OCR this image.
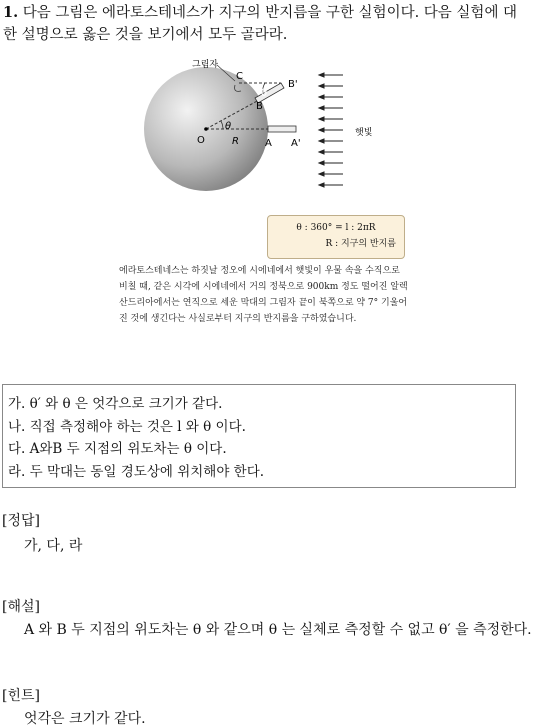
1. 다음 그림은 에라토스테네스가 지구의 반지름을 구한 실험이다. 다음 실험에 대한 설명으로 옳은 것을 보기에서 모두 골라라.
그림자
C
B'
θ
B
O
θ
R	A A'
햇빛
θ : 360° = l : 2πR
R : 지구의 반지름
에라토스테네스는 하짓날 정오에 시에네에서 햇빛이 우물 속을 수직으로 비칠 때, 같은 시각에 시에네에서 거의 정북으로 900km 정도 떨어진 알렉산드리아에서는 연직으로 세운 막대의 그림자 끝이 북쪽으로 약 7° 기울어진 것에 생긴다는 사실로부터 지구의 반지름을 구하였습니다.
가. θ′ 와 θ 은 엇각으로 크기가 같다.
나. 직접 측정해야 하는 것은 l 와 θ 이다.
다. A와B 두 지점의 위도차는 θ 이다.
라. 두 막대는 동일 경도상에 위치해야 한다.
[정답]
가, 다, 라
[해설]
A 와 B 두 지점의 위도차는 θ 와 같으며 θ 는 실체로 측정할 수 없고 θ′ 을 측정한다.
[힌트]
엇각은 크기가 같다.
